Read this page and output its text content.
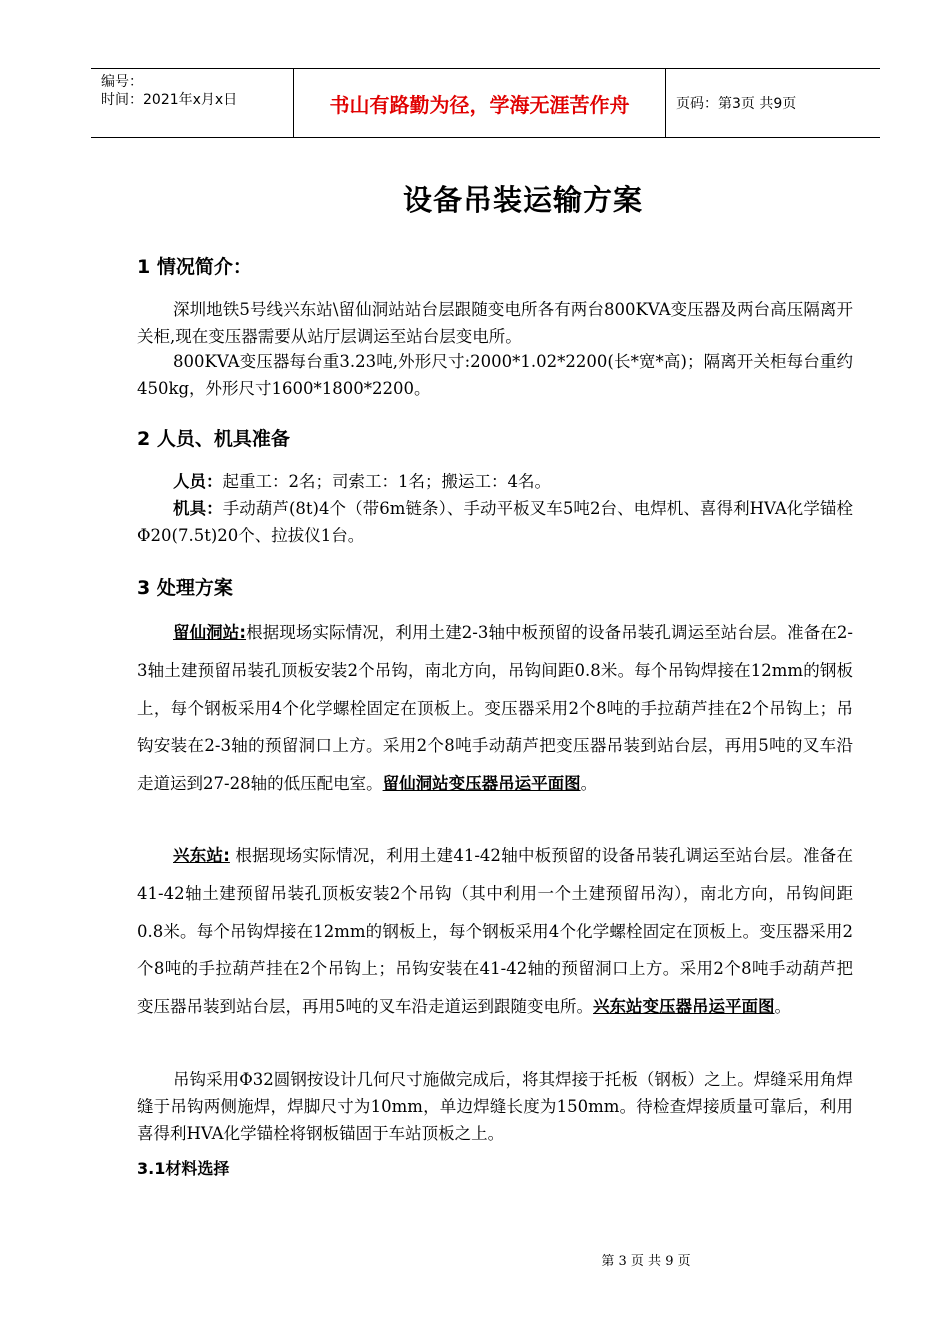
编号：
时间：2021年x月x日	书山有路勤为径，学海无涯苦作舟	页码：第3页 共9页
设备吊装运输方案
1 情况简介：
深圳地铁5号线兴东站\留仙洞站站台层跟随变电所各有两台800KVA变压器及两台高压隔离开关柜,现在变压器需要从站厅层调运至站台层变电所。
800KVA变压器每台重3.23吨,外形尺寸:2000*1.02*2200(长*宽*高)；隔离开关柜每台重约450kg，外形尺寸1600*1800*2200。
2 人员、机具准备
人员：起重工：2名；司索工：1名；搬运工：4名。
机具：手动葫芦(8t)4个（带6m链条）、手动平板叉车5吨2台、电焊机、喜得利HVA化学锚栓Φ20(7.5t)20个、拉拔仪1台。
3 处理方案
留仙洞站:根据现场实际情况，利用土建2-3轴中板预留的设备吊装孔调运至站台层。准备在2-3轴土建预留吊装孔顶板安装2个吊钩，南北方向，吊钩间距0.8米。每个吊钩焊接在12mm的钢板上，每个钢板采用4个化学螺栓固定在顶板上。变压器采用2个8吨的手拉葫芦挂在2个吊钩上；吊钩安装在2-3轴的预留洞口上方。采用2个8吨手动葫芦把变压器吊装到站台层，再用5吨的叉车沿走道运到27-28轴的低压配电室。留仙洞站变压器吊运平面图。
兴东站: 根据现场实际情况，利用土建41-42轴中板预留的设备吊装孔调运至站台层。准备在41-42轴土建预留吊装孔顶板安装2个吊钩（其中利用一个土建预留吊沟），南北方向，吊钩间距0.8米。每个吊钩焊接在12mm的钢板上，每个钢板采用4个化学螺栓固定在顶板上。变压器采用2个8吨的手拉葫芦挂在2个吊钩上；吊钩安装在41-42轴的预留洞口上方。采用2个8吨手动葫芦把变压器吊装到站台层，再用5吨的叉车沿走道运到跟随变电所。兴东站变压器吊运平面图。
吊钩采用Φ32圆钢按设计几何尺寸施做完成后，将其焊接于托板（钢板）之上。焊缝采用角焊缝于吊钩两侧施焊，焊脚尺寸为10mm，单边焊缝长度为150mm。待检查焊接质量可靠后，利用喜得利HVA化学锚栓将钢板锚固于车站顶板之上。
3.1材料选择
第 3 页 共 9 页
